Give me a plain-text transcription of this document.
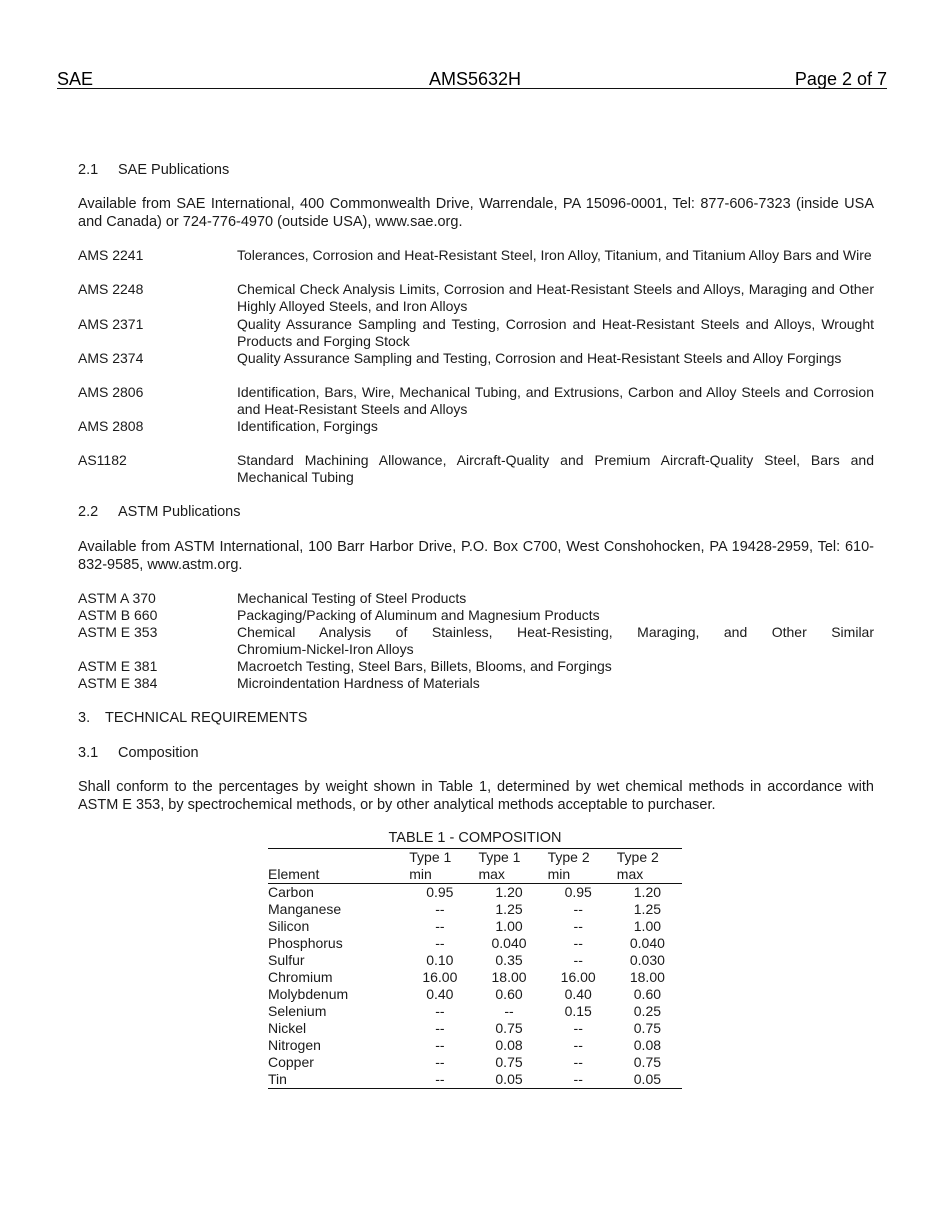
SAE	AMS5632H	Page 2 of 7
2.1 SAE Publications
Available from SAE International, 400 Commonwealth Drive, Warrendale, PA 15096-0001, Tel: 877-606-7323 (inside USA and Canada) or 724-776-4970 (outside USA), www.sae.org.
AMS 2241	Tolerances, Corrosion and Heat-Resistant Steel, Iron Alloy, Titanium, and Titanium Alloy Bars and Wire
AMS 2248	Chemical Check Analysis Limits, Corrosion and Heat-Resistant Steels and Alloys, Maraging and Other Highly Alloyed Steels, and Iron Alloys
AMS 2371	Quality Assurance Sampling and Testing, Corrosion and Heat-Resistant Steels and Alloys, Wrought Products and Forging Stock
AMS 2374	Quality Assurance Sampling and Testing, Corrosion and Heat-Resistant Steels and Alloy Forgings
AMS 2806	Identification, Bars, Wire, Mechanical Tubing, and Extrusions, Carbon and Alloy Steels and Corrosion and Heat-Resistant Steels and Alloys
AMS 2808	Identification, Forgings
AS1182	Standard Machining Allowance, Aircraft-Quality and Premium Aircraft-Quality Steel, Bars and Mechanical Tubing
2.2 ASTM Publications
Available from ASTM International, 100 Barr Harbor Drive, P.O. Box C700, West Conshohocken, PA 19428-2959, Tel: 610-832-9585, www.astm.org.
ASTM A 370	Mechanical Testing of Steel Products
ASTM B 660	Packaging/Packing of Aluminum and Magnesium Products
ASTM E 353	Chemical Analysis of Stainless, Heat-Resisting, Maraging, and Other Similar
Chromium-Nickel-Iron Alloys
ASTM E 381	Macroetch Testing, Steel Bars, Billets, Blooms, and Forgings
ASTM E 384	Microindentation Hardness of Materials
3. TECHNICAL REQUIREMENTS
3.1 Composition
Shall conform to the percentages by weight shown in Table 1, determined by wet chemical methods in accordance with ASTM E 353, by spectrochemical methods, or by other analytical methods acceptable to purchaser.
TABLE 1 - COMPOSITION
	Type 1	Type 1	Type 2	Type 2
Element	min	max	min	max
Carbon	0.95	1.20	0.95	1.20
Manganese	--	1.25	--	1.25
Silicon	--	1.00	--	1.00
Phosphorus	--	0.040	--	0.040
Sulfur	0.10	0.35	--	0.030
Chromium	16.00	18.00	16.00	18.00
Molybdenum	0.40	0.60	0.40	0.60
Selenium	--	--	0.15	0.25
Nickel	--	0.75	--	0.75
Nitrogen	--	0.08	--	0.08
Copper	--	0.75	--	0.75
Tin	--	0.05	--	0.05
